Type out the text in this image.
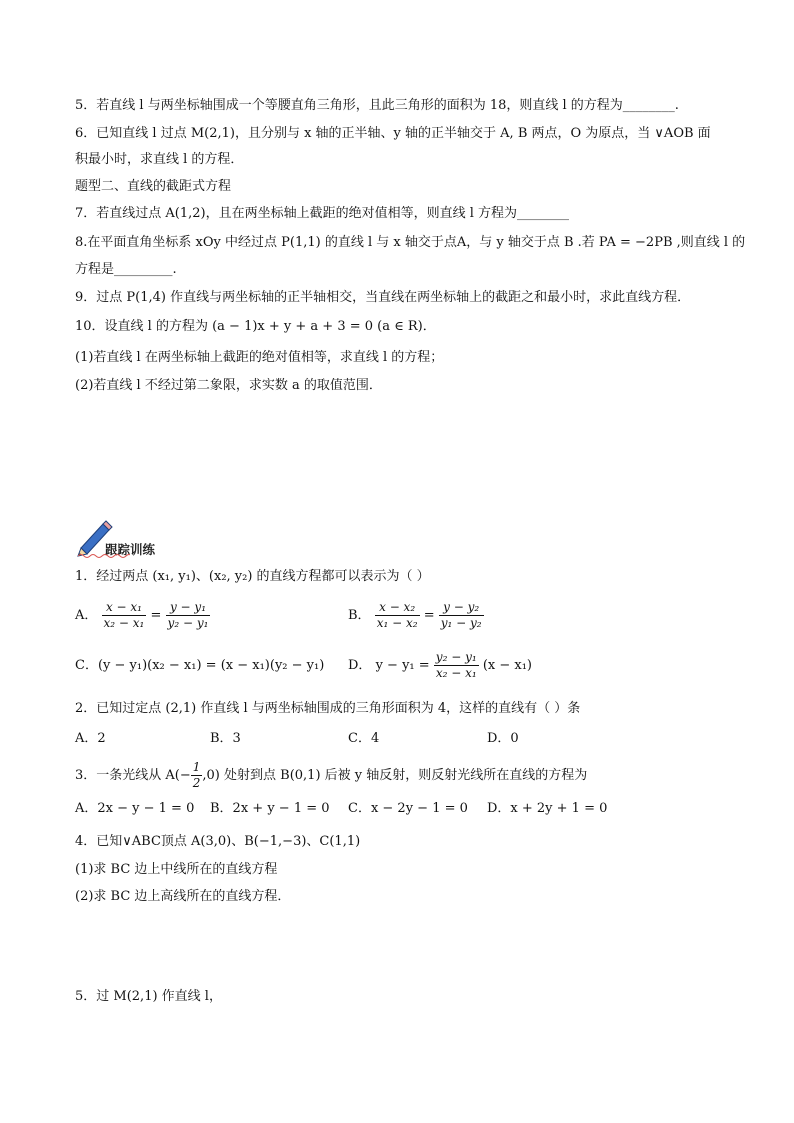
5．若直线 l 与两坐标轴围成一个等腰直角三角形，且此三角形的面积为 18，则直线 l 的方程为________.
6．已知直线 l 过点 M(2,1)，且分别与 x 轴的正半轴、y 轴的正半轴交于 A, B 两点，O 为原点，当 ∨AOB 面
积最小时，求直线 l 的方程．
题型二、直线的截距式方程
7．若直线过点 A(1,2)，且在两坐标轴上截距的绝对值相等，则直线 l 方程为________
8.在平面直角坐标系 xOy 中经过点 P(1,1) 的直线 l 与 x 轴交于点A，与 y 轴交于点 B .若 PA = −2PB ,则直线 l 的
方程是_________.
9．过点 P(1,4) 作直线与两坐标轴的正半轴相交，当直线在两坐标轴上的截距之和最小时，求此直线方程．
10．设直线 l 的方程为 (a − 1)x + y + a + 3 = 0 (a ∈ R)．
(1)若直线 l 在两坐标轴上截距的绝对值相等，求直线 l 的方程；
(2)若直线 l 不经过第二象限，求实数 a 的取值范围．
跟踪训练
1．经过两点 (x₁, y₁)、(x₂, y₂) 的直线方程都可以表示为（ ）
A． $\frac{\text{x − x₁}}{\text{x₂ − x₁}} = \frac{\text{y − y₁}}{\text{y₂ − y₁}}$	B． $\frac{\text{x − x₂}}{\text{x₁ − x₂}} = \frac{\text{y − y₂}}{\text{y₁ − y₂}}$
C．(y − y₁)(x₂ − x₁) = (x − x₁)(y₂ − y₁) D． $y - y_1 = \frac{\text{y₂ − y₁}}{\text{x₂ − x₁}} (x - x_1)$
2．已知过定点 (2,1) 作直线 l 与两坐标轴围成的三角形面积为 4，这样的直线有（ ）条
A．2	B．3	C．4	D．0
3．一条光线从 $A(- \frac{1}{2} ,0)$ 处射到点 B(0,1) 后被 y 轴反射，则反射光线所在直线的方程为
A．2x − y − 1 = 0 B．2x + y − 1 = 0 C．x − 2y − 1 = 0 D．x + 2y + 1 = 0
4．已知∨ABC顶点 A(3,0)、B(−1,−3)、C(1,1)
(1)求 BC 边上中线所在的直线方程
(2)求 BC 边上高线所在的直线方程．
5．过 M(2,1) 作直线 l，
